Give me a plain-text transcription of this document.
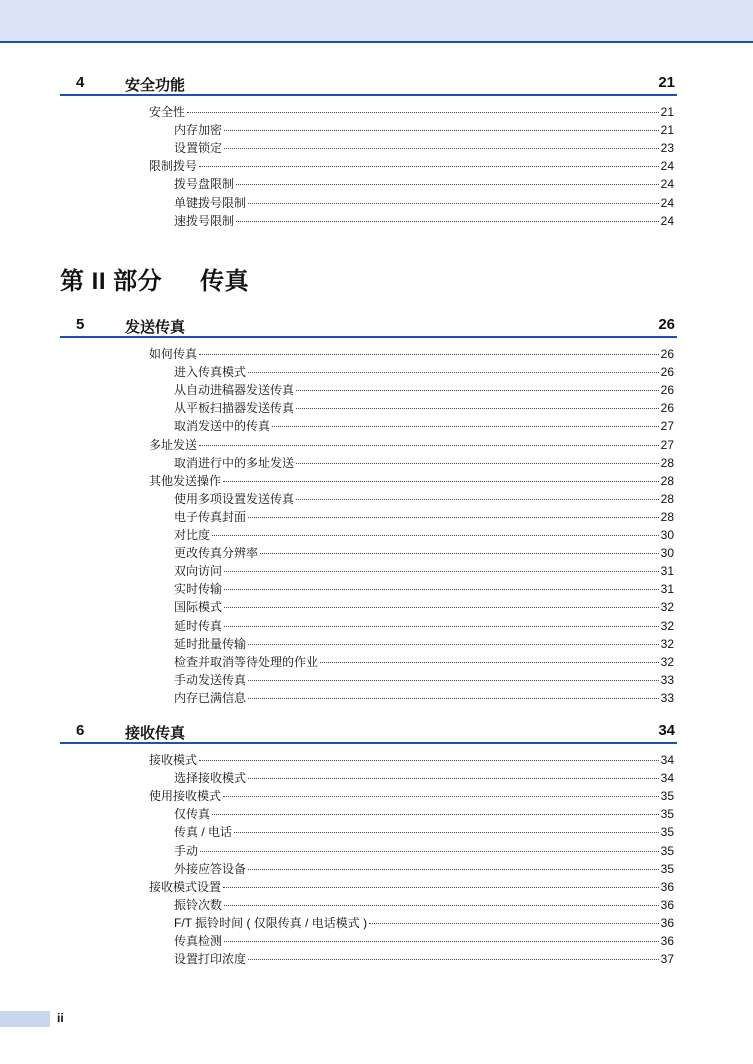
4	安全功能	21
安全性	21
内存加密	21
设置锁定	23
限制拨号	24
拨号盘限制	24
单键拨号限制	24
速拨号限制	24
第 II 部分 传真
5	发送传真	26
如何传真	26
进入传真模式	26
从自动进稿器发送传真	26
从平板扫描器发送传真	26
取消发送中的传真	27
多址发送	27
取消进行中的多址发送	28
其他发送操作	28
使用多项设置发送传真	28
电子传真封面	28
对比度	30
更改传真分辨率	30
双向访问	31
实时传输	31
国际模式	32
延时传真	32
延时批量传输	32
检查并取消等待处理的作业	32
手动发送传真	33
内存已满信息	33
6	接收传真	34
接收模式	34
选择接收模式	34
使用接收模式	35
仅传真	35
传真 / 电话	35
手动	35
外接应答设备	35
接收模式设置	36
振铃次数	36
F/T 振铃时间 ( 仅限传真 / 电话模式 )	36
传真检测	36
设置打印浓度	37
ii
